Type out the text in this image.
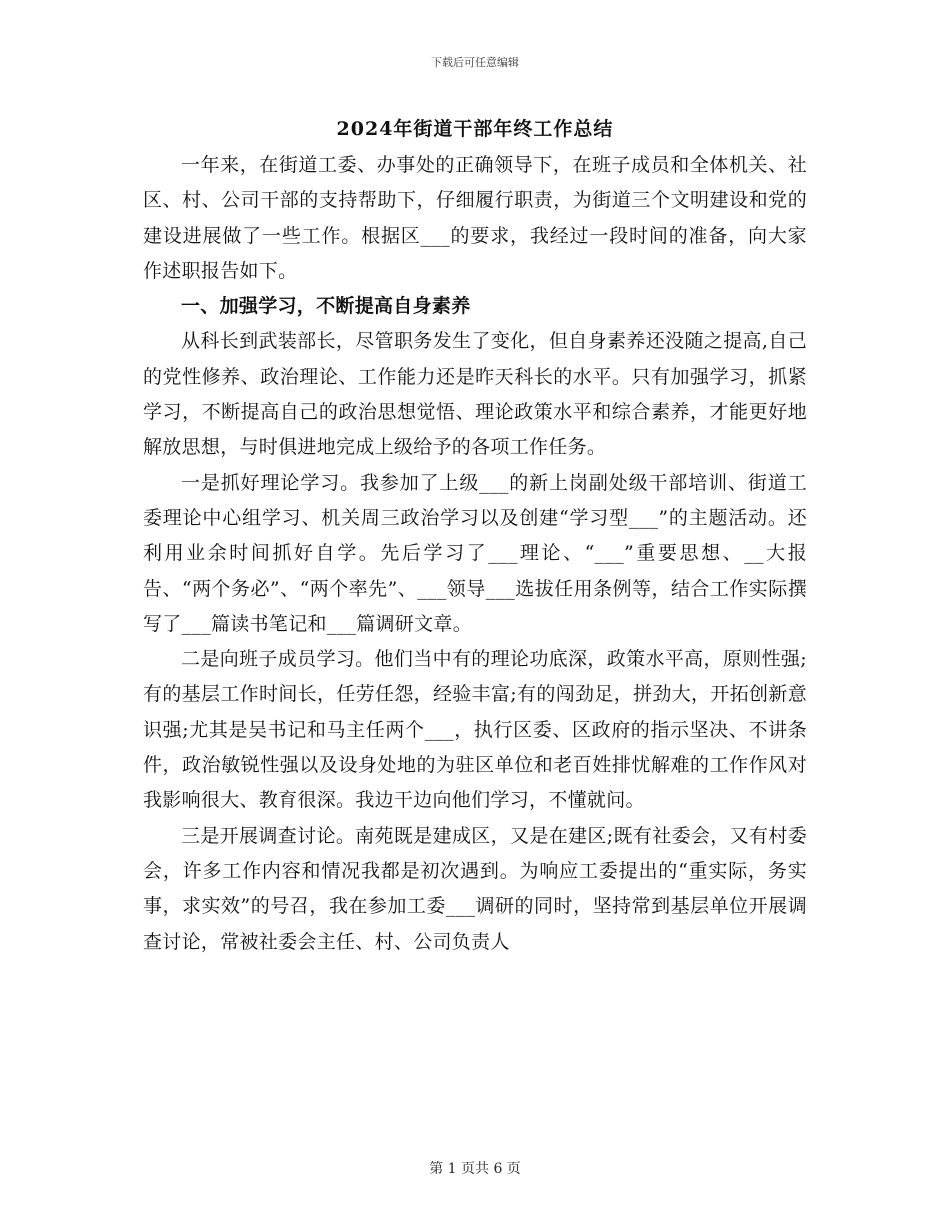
下载后可任意编辑
2024年街道干部年终工作总结

一年来，在街道工委、办事处的正确领导下，在班子成员和全体机关、社区、村、公司干部的支持帮助下，仔细履行职责，为街道三个文明建设和党的建设进展做了一些工作。根据区___的要求，我经过一段时间的准备，向大家作述职报告如下。

一、加强学习，不断提高自身素养

从科长到武装部长，尽管职务发生了变化，但自身素养还没随之提高,自己的党性修养、政治理论、工作能力还是昨天科长的水平。只有加强学习，抓紧学习，不断提高自己的政治思想觉悟、理论政策水平和综合素养，才能更好地解放思想，与时俱进地完成上级给予的各项工作任务。

一是抓好理论学习。我参加了上级___的新上岗副处级干部培训、街道工委理论中心组学习、机关周三政治学习以及创建“学习型___”的主题活动。还利用业余时间抓好自学。先后学习了___理论、“___”重要思想、__大报告、“两个务必”、“两个率先”、___领导___选拔任用条例等，结合工作实际撰写了___篇读书笔记和___篇调研文章。

二是向班子成员学习。他们当中有的理论功底深，政策水平高，原则性强;有的基层工作时间长，任劳任怨，经验丰富;有的闯劲足，拼劲大，开拓创新意识强;尤其是吴书记和马主任两个___，执行区委、区政府的指示坚决、不讲条件，政治敏锐性强以及设身处地的为驻区单位和老百姓排忧解难的工作作风对我影响很大、教育很深。我边干边向他们学习，不懂就问。

三是开展调查讨论。南苑既是建成区，又是在建区;既有社委会，又有村委会，许多工作内容和情况我都是初次遇到。为响应工委提出的“重实际，务实事，求实效”的号召，我在参加工委___调研的同时，坚持常到基层单位开展调查讨论，常被社委会主任、村、公司负责人

第 1 页共 6 页
